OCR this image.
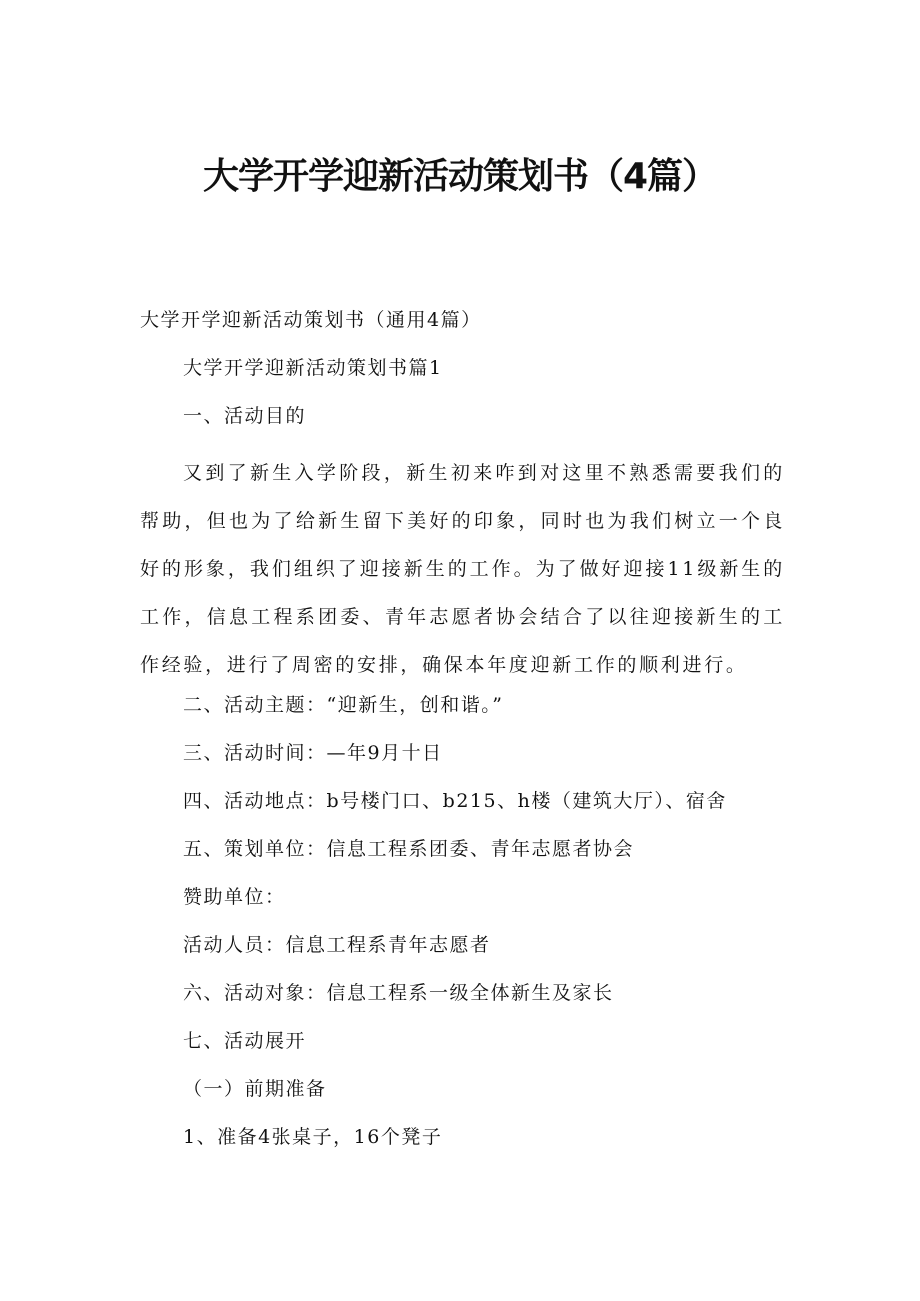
大学开学迎新活动策划书（4篇）

大学开学迎新活动策划书（通用4篇）

大学开学迎新活动策划书篇1

一、活动目的

又到了新生入学阶段，新生初来咋到对这里不熟悉需要我们的帮助，但也为了给新生留下美好的印象，同时也为我们树立一个良好的形象，我们组织了迎接新生的工作。为了做好迎接11级新生的工作，信息工程系团委、青年志愿者协会结合了以往迎接新生的工作经验，进行了周密的安排，确保本年度迎新工作的顺利进行。

二、活动主题：“迎新生，创和谐。”

三、活动时间：—年9月十日

四、活动地点：b号楼门口、b215、h楼（建筑大厅）、宿舍

五、策划单位：信息工程系团委、青年志愿者协会

赞助单位：

活动人员：信息工程系青年志愿者

六、活动对象：信息工程系一级全体新生及家长

七、活动展开

（一）前期准备

1、准备4张桌子，16个凳子
